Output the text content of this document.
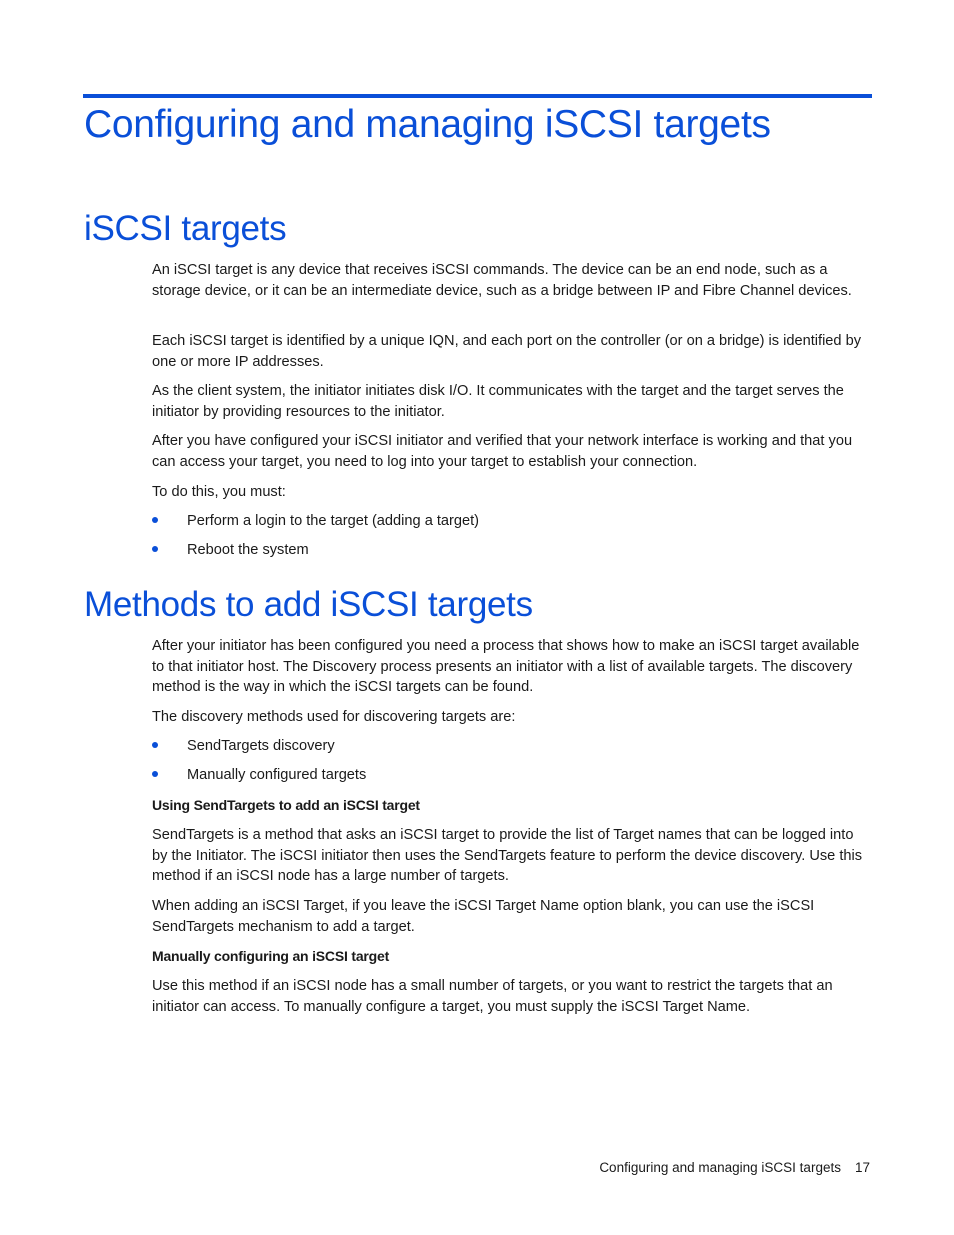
Configuring and managing iSCSI targets
iSCSI targets

An iSCSI target is any device that receives iSCSI commands. The device can be an end node, such as a storage device, or it can be an intermediate device, such as a bridge between IP and Fibre Channel devices.

Each iSCSI target is identified by a unique IQN, and each port on the controller (or on a bridge) is identified by one or more IP addresses.

As the client system, the initiator initiates disk I/O. It communicates with the target and the target serves the initiator by providing resources to the initiator.

After you have configured your iSCSI initiator and verified that your network interface is working and that you can access your target, you need to log into your target to establish your connection.

To do this, you must:

Perform a login to the target (adding a target)
Reboot the system
Methods to add iSCSI targets

After your initiator has been configured you need a process that shows how to make an iSCSI target available to that initiator host. The Discovery process presents an initiator with a list of available targets. The discovery method is the way in which the iSCSI targets can be found.

The discovery methods used for discovering targets are:

SendTargets discovery
Manually configured targets
Using SendTargets to add an iSCSI target

SendTargets is a method that asks an iSCSI target to provide the list of Target names that can be logged into by the Initiator. The iSCSI initiator then uses the SendTargets feature to perform the device discovery. Use this method if an iSCSI node has a large number of targets.

When adding an iSCSI Target, if you leave the iSCSI Target Name option blank, you can use the iSCSI SendTargets mechanism to add a target.

Manually configuring an iSCSI target

Use this method if an iSCSI node has a small number of targets, or you want to restrict the targets that an initiator can access. To manually configure a target, you must supply the iSCSI Target Name.

Configuring and managing iSCSI targets 17
